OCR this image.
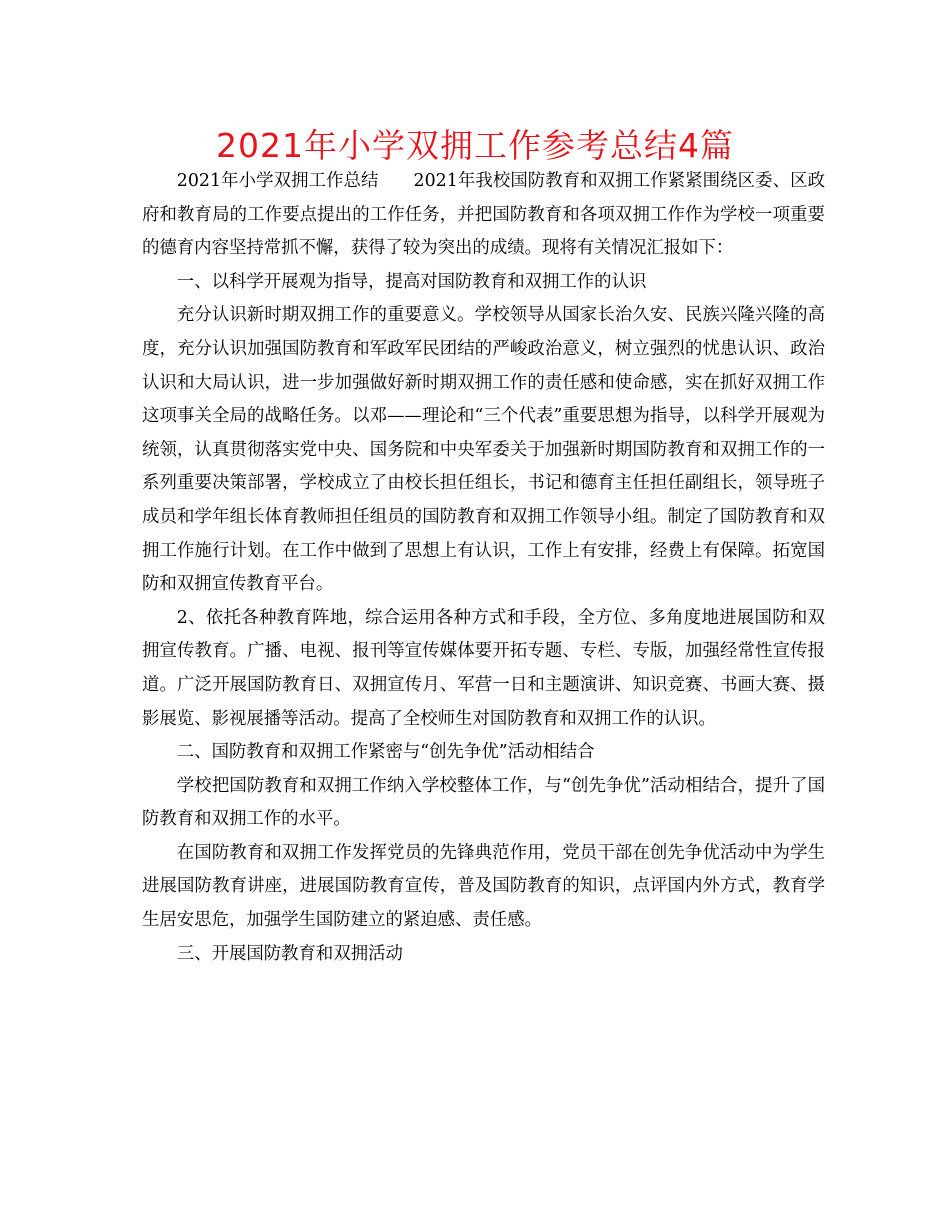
2021年小学双拥工作参考总结4篇

2021年小学双拥工作总结　　2021年我校国防教育和双拥工作紧紧围绕区委、区政府和教育局的工作要点提出的工作任务，并把国防教育和各项双拥工作作为学校一项重要的德育内容坚持常抓不懈，获得了较为突出的成绩。现将有关情况汇报如下：

一、以科学开展观为指导，提高对国防教育和双拥工作的认识

充分认识新时期双拥工作的重要意义。学校领导从国家长治久安、民族兴隆兴隆的高度，充分认识加强国防教育和军政军民团结的严峻政治意义，树立强烈的忧患认识、政治认识和大局认识，进一步加强做好新时期双拥工作的责任感和使命感，实在抓好双拥工作这项事关全局的战略任务。以邓——理论和“三个代表”重要思想为指导，以科学开展观为统领，认真贯彻落实党中央、国务院和中央军委关于加强新时期国防教育和双拥工作的一系列重要决策部署，学校成立了由校长担任组长，书记和德育主任担任副组长，领导班子成员和学年组长体育教师担任组员的国防教育和双拥工作领导小组。制定了国防教育和双拥工作施行计划。在工作中做到了思想上有认识，工作上有安排，经费上有保障。拓宽国防和双拥宣传教育平台。

2、依托各种教育阵地，综合运用各种方式和手段，全方位、多角度地进展国防和双拥宣传教育。广播、电视、报刊等宣传媒体要开拓专题、专栏、专版，加强经常性宣传报道。广泛开展国防教育日、双拥宣传月、军营一日和主题演讲、知识竞赛、书画大赛、摄影展览、影视展播等活动。提高了全校师生对国防教育和双拥工作的认识。

二、国防教育和双拥工作紧密与“创先争优”活动相结合

学校把国防教育和双拥工作纳入学校整体工作，与“创先争优”活动相结合，提升了国防教育和双拥工作的水平。

在国防教育和双拥工作发挥党员的先锋典范作用，党员干部在创先争优活动中为学生进展国防教育讲座，进展国防教育宣传，普及国防教育的知识，点评国内外方式，教育学生居安思危，加强学生国防建立的紧迫感、责任感。

三、开展国防教育和双拥活动
